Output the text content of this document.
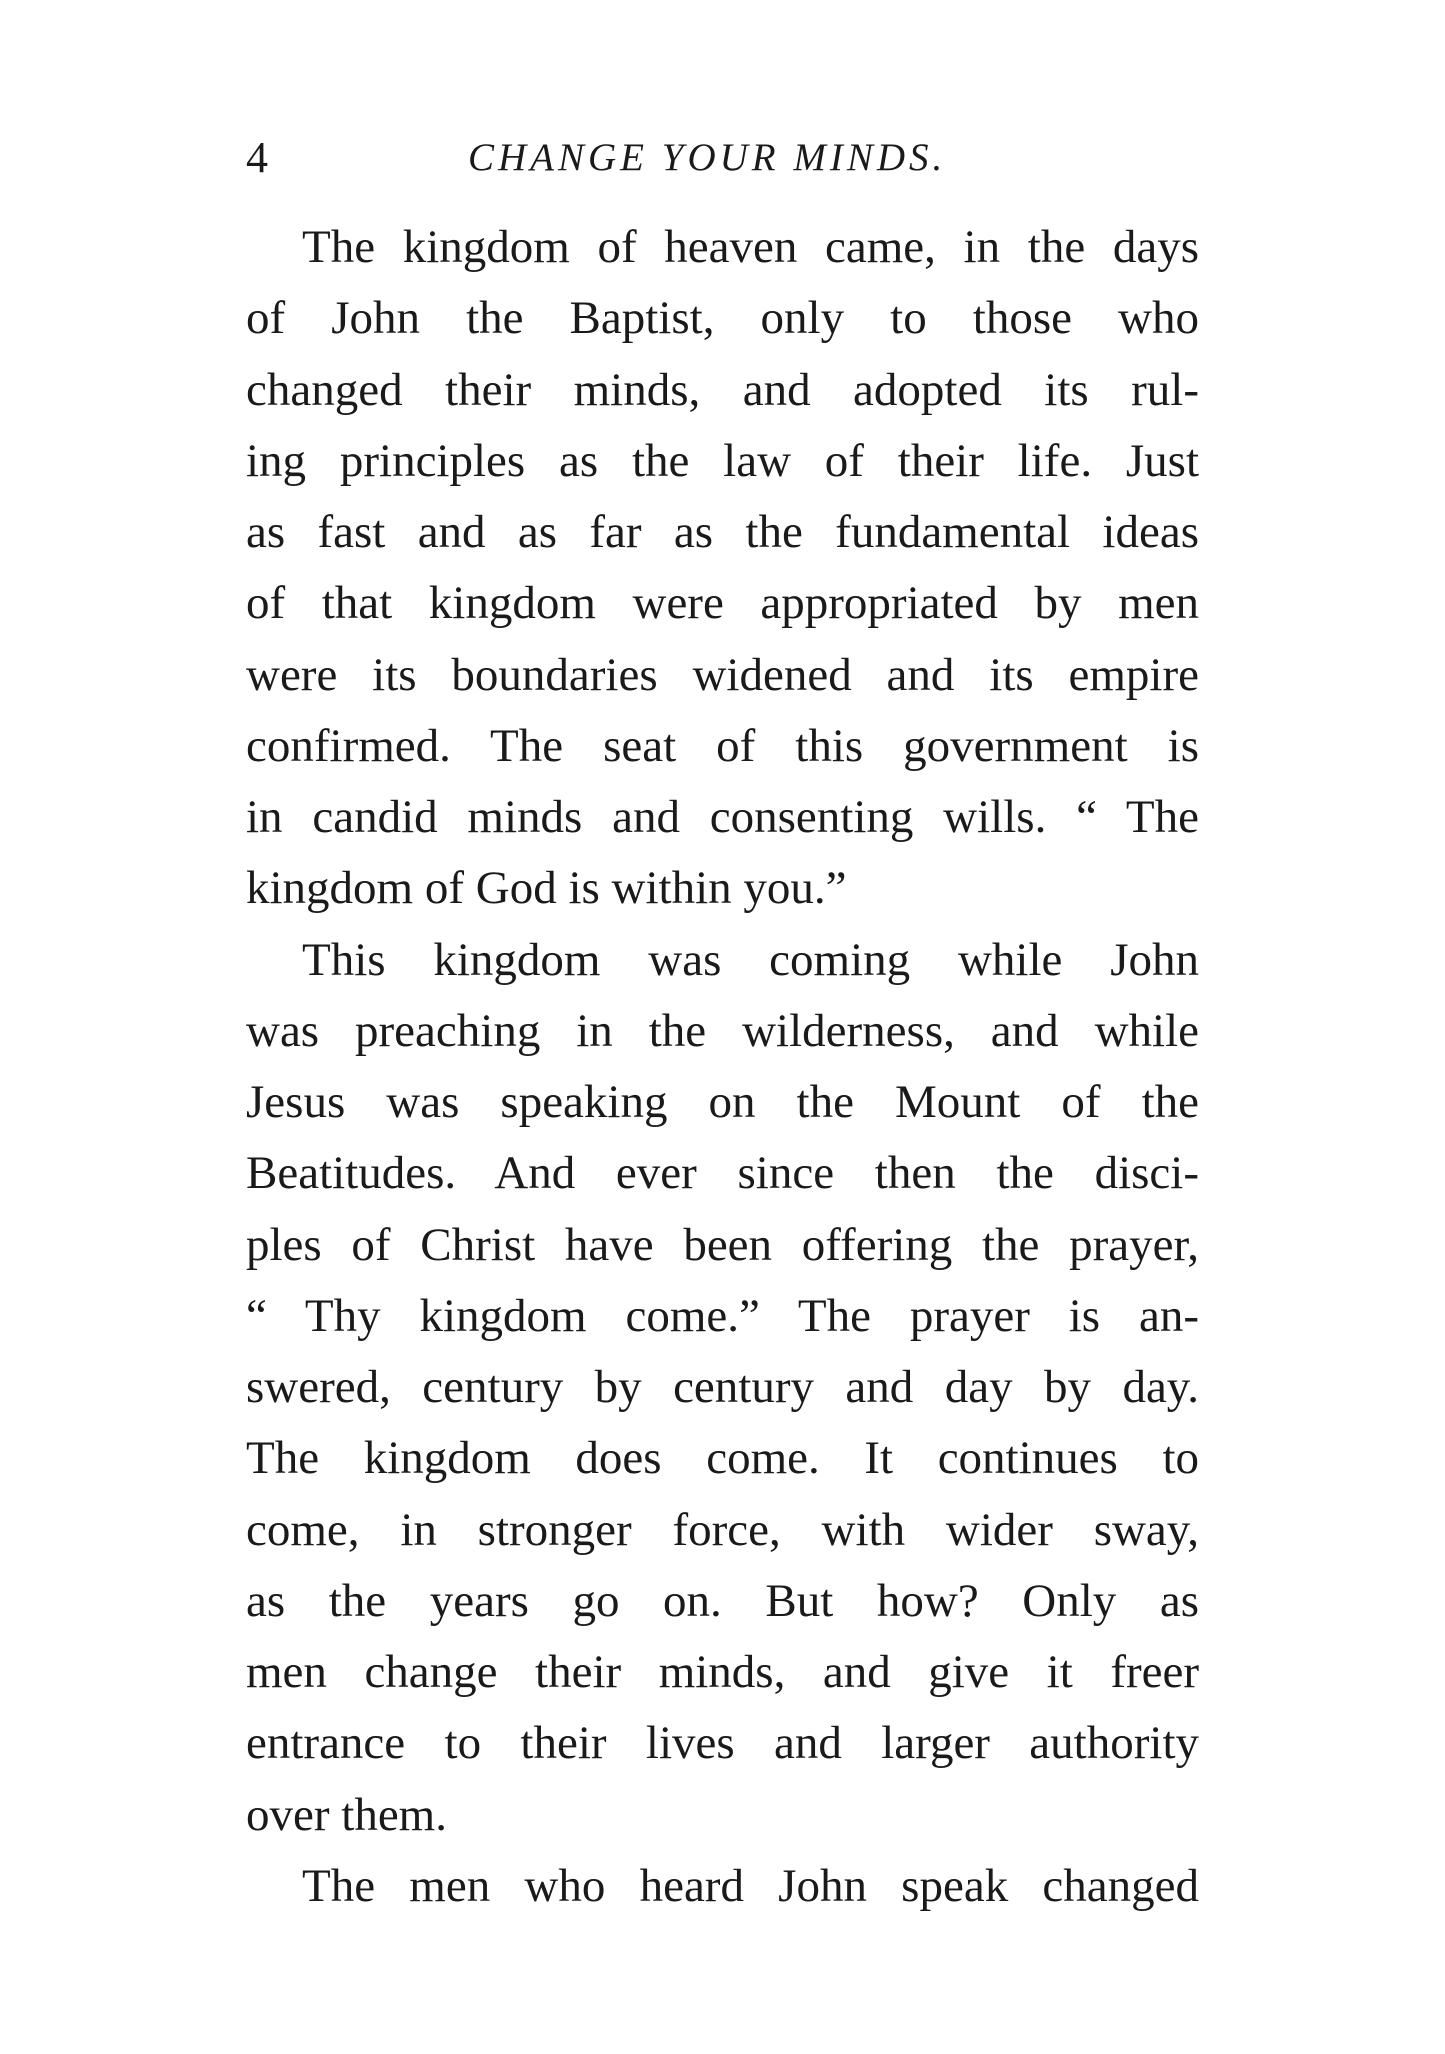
4	CHANGE YOUR MINDS.
The kingdom of heaven came, in the days
of John the Baptist, only to those who
changed their minds, and adopted its rul-
ing principles as the law of their life. Just
as fast and as far as the fundamental ideas
of that kingdom were appropriated by men
were its boundaries widened and its empire
confirmed. The seat of this government is
in candid minds and consenting wills. “ The
kingdom of God is within you.”
This kingdom was coming while John
was preaching in the wilderness, and while
Jesus was speaking on the Mount of the
Beatitudes. And ever since then the disci-
ples of Christ have been offering the prayer,
“ Thy kingdom come.” The prayer is an-
swered, century by century and day by day.
The kingdom does come. It continues to
come, in stronger force, with wider sway,
as the years go on. But how? Only as
men change their minds, and give it freer
entrance to their lives and larger authority
over them.
The men who heard John speak changed
